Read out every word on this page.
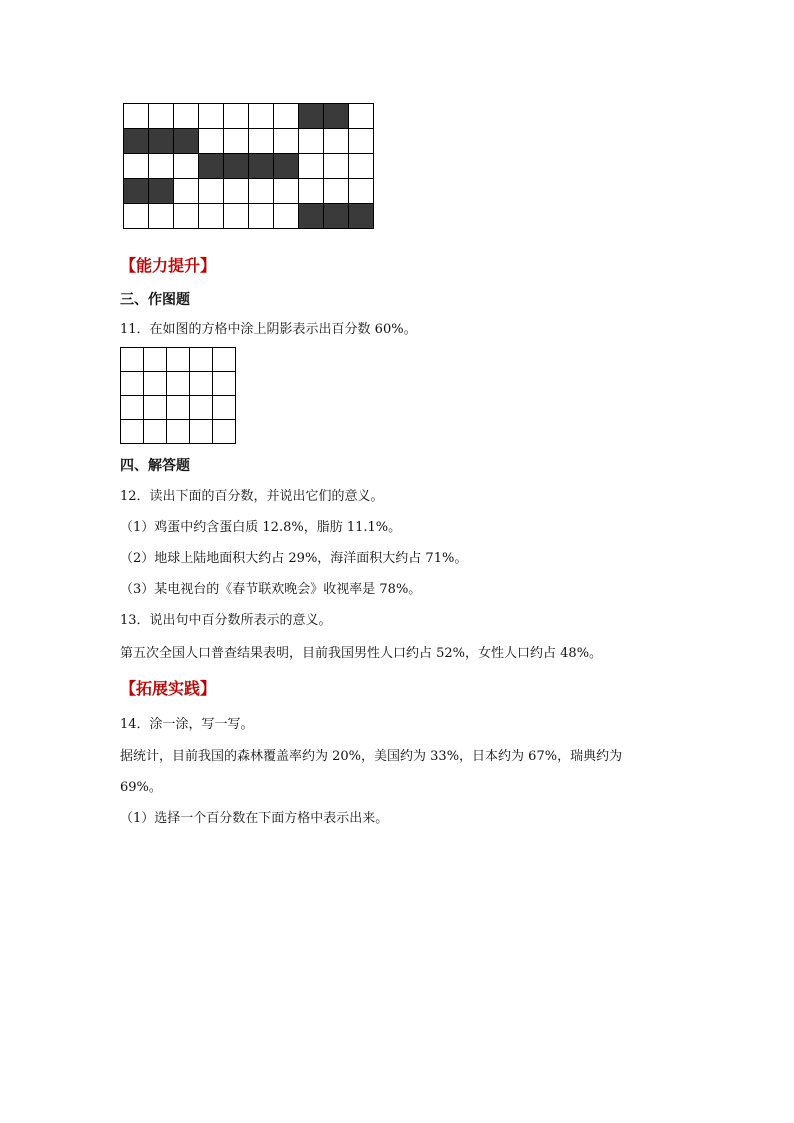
【能力提升】
三、作图题
11．在如图的方格中涂上阴影表示出百分数 60%。

四、解答题
12．读出下面的百分数，并说出它们的意义。
（1）鸡蛋中约含蛋白质 12.8%，脂肪 11.1%。
（2）地球上陆地面积大约占 29%，海洋面积大约占 71%。
（3）某电视台的《春节联欢晚会》收视率是 78%。
13．说出句中百分数所表示的意义。
第五次全国人口普查结果表明，目前我国男性人口约占 52%，女性人口约占 48%。
【拓展实践】
14．涂一涂，写一写。
据统计，目前我国的森林覆盖率约为 20%，美国约为 33%，日本约为 67%，瑞典约为
69%。
（1）选择一个百分数在下面方格中表示出来。
